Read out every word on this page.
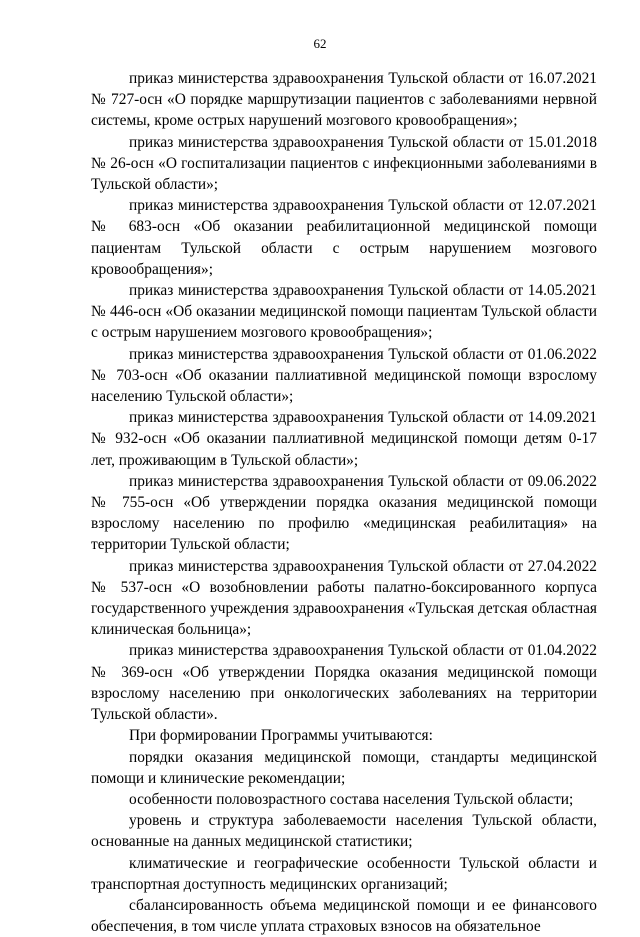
62

приказ министерства здравоохранения Тульской области от 16.07.2021 № 727-осн «О порядке маршрутизации пациентов с заболеваниями нервной системы, кроме острых нарушений мозгового кровообращения»;

приказ министерства здравоохранения Тульской области от 15.01.2018 № 26-осн «О госпитализации пациентов с инфекционными заболеваниями в Тульской области»;

приказ министерства здравоохранения Тульской области от 12.07.2021 № 683-осн «Об оказании реабилитационной медицинской помощи пациентам Тульской области с острым нарушением мозгового кровообращения»;

приказ министерства здравоохранения Тульской области от 14.05.2021 № 446-осн «Об оказании медицинской помощи пациентам Тульской области с острым нарушением мозгового кровообращения»;

приказ министерства здравоохранения Тульской области от 01.06.2022 № 703-осн «Об оказании паллиативной медицинской помощи взрослому населению Тульской области»;

приказ министерства здравоохранения Тульской области от 14.09.2021 № 932-осн «Об оказании паллиативной медицинской помощи детям 0-17 лет, проживающим в Тульской области»;

приказ министерства здравоохранения Тульской области от 09.06.2022 № 755-осн «Об утверждении порядка оказания медицинской помощи взрослому населению по профилю «медицинская реабилитация» на территории Тульской области;

приказ министерства здравоохранения Тульской области от 27.04.2022 № 537-осн «О возобновлении работы палатно-боксированного корпуса государственного учреждения здравоохранения «Тульская детская областная клиническая больница»;

приказ министерства здравоохранения Тульской области от 01.04.2022 № 369-осн «Об утверждении Порядка оказания медицинской помощи взрослому населению при онкологических заболеваниях на территории Тульской области».

При формировании Программы учитываются:

порядки оказания медицинской помощи, стандарты медицинской помощи и клинические рекомендации;

особенности половозрастного состава населения Тульской области;

уровень и структура заболеваемости населения Тульской области, основанные на данных медицинской статистики;

климатические и географические особенности Тульской области и транспортная доступность медицинских организаций;

сбалансированность объема медицинской помощи и ее финансового обеспечения, в том числе уплата страховых взносов на обязательное
